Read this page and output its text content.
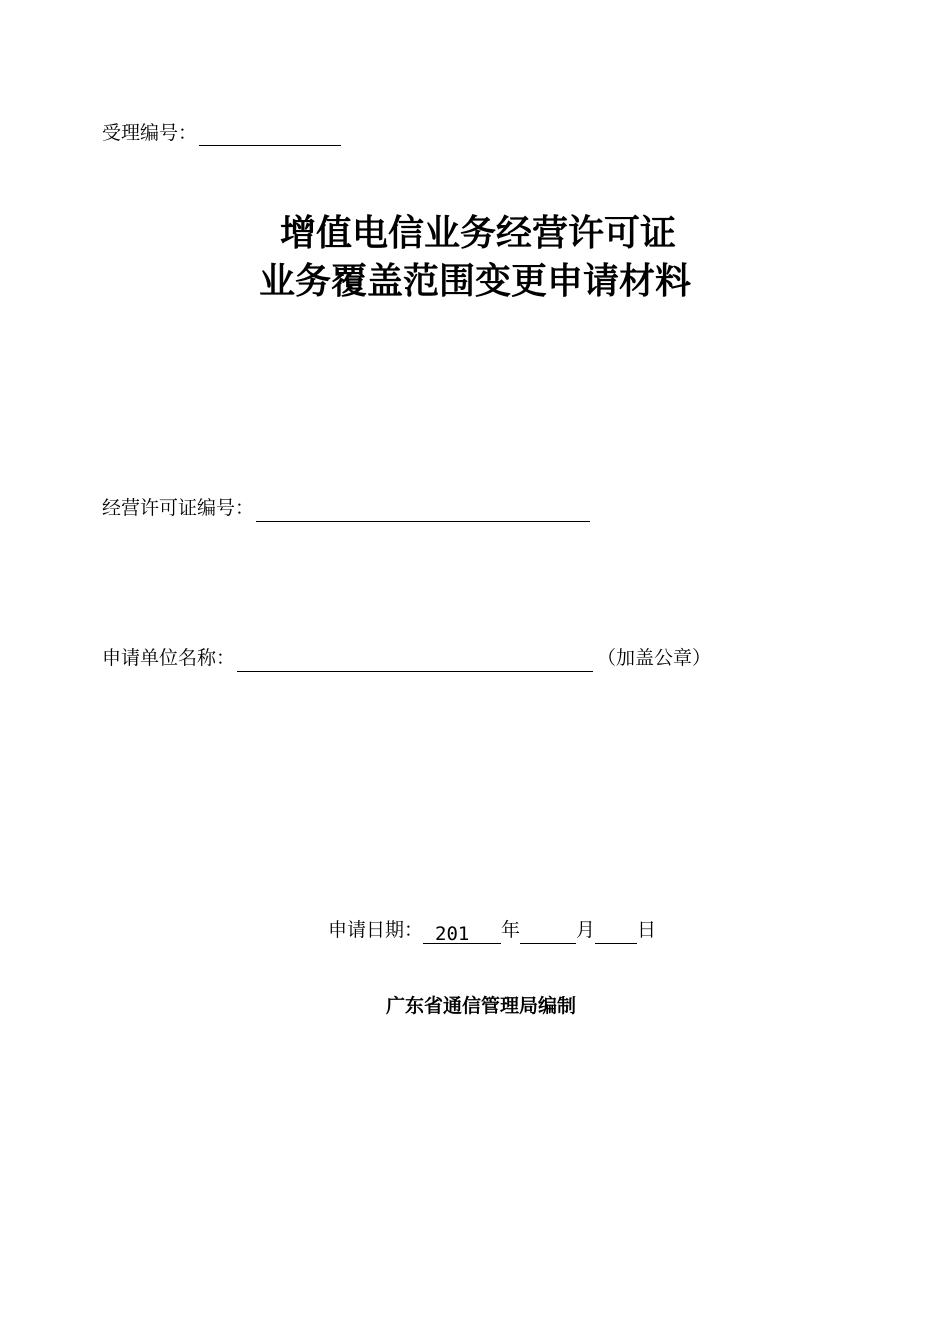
受理编号：
增值电信业务经营许可证
业务覆盖范围变更申请材料
经营许可证编号：
申请单位名称：	（加盖公章）
申请日期： 201 年	月 日
广东省通信管理局编制
